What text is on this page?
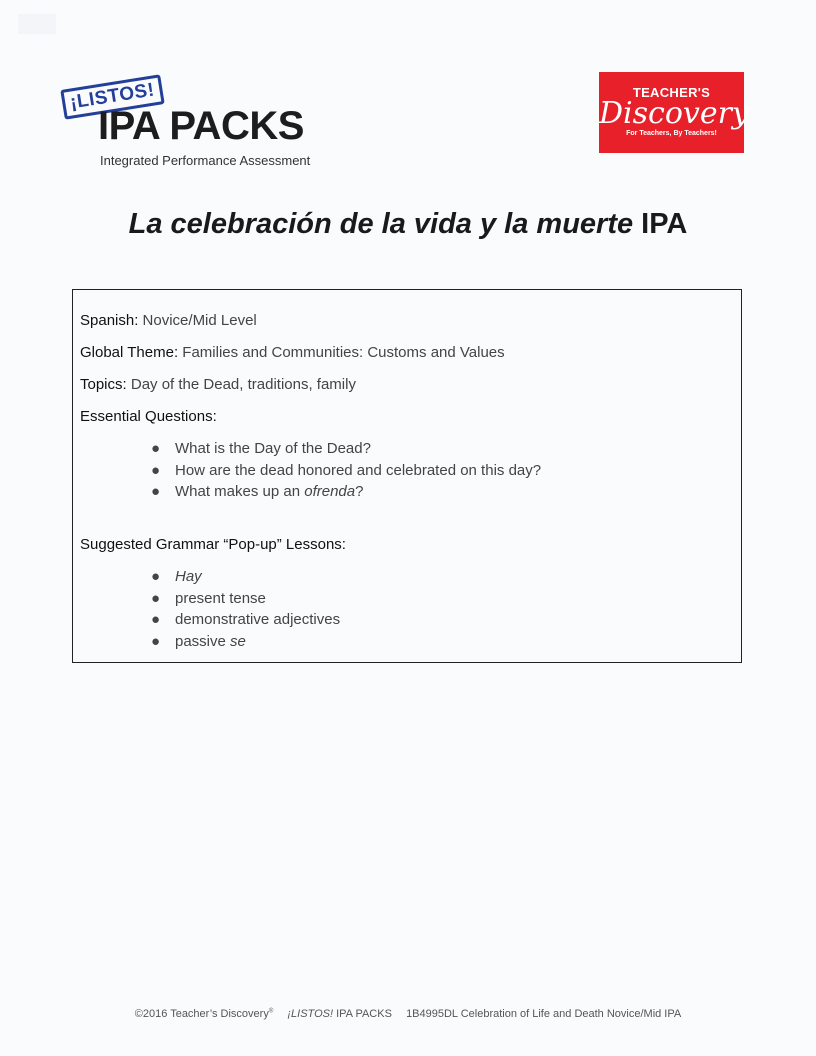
¡LISTOS!
IPA PACKS
Integrated Performance Assessment
TEACHER'S
Discovery
For Teachers, By Teachers!
La celebración de la vida y la muerte IPA
Spanish: Novice/Mid Level
Global Theme: Families and Communities: Customs and Values
Topics: Day of the Dead, traditions, family
Essential Questions:
● What is the Day of the Dead?
● How are the dead honored and celebrated on this day?
● What makes up an ofrenda?
Suggested Grammar “Pop-up” Lessons:
● Hay
● present tense
● demonstrative adjectives
● passive se
©2016 Teacher’s Discovery® ¡LISTOS! IPA PACKS 1B4995DL Celebration of Life and Death Novice/Mid IPA
